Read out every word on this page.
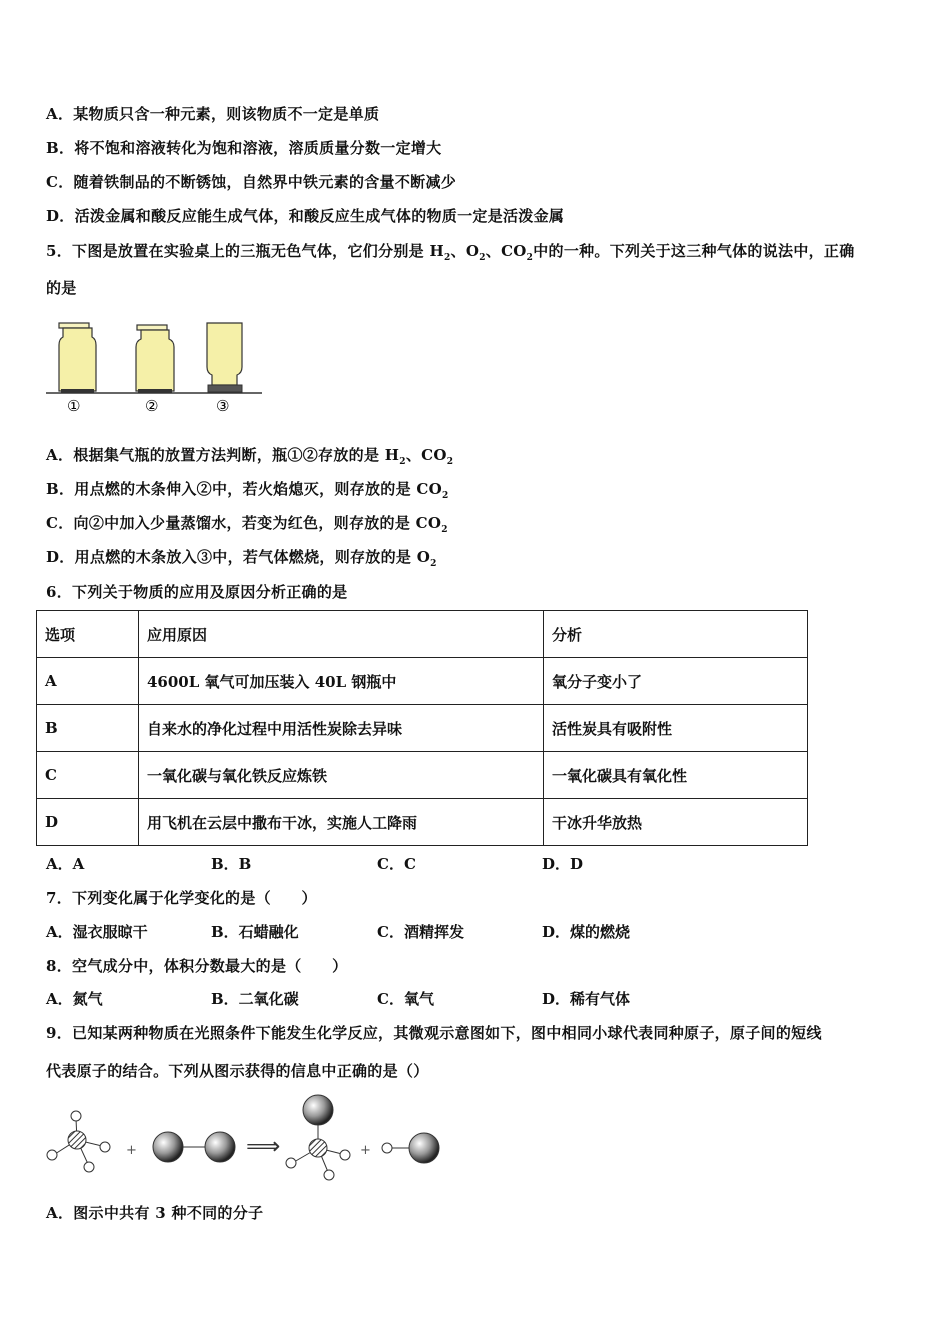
A．某物质只含一种元素，则该物质不一定是单质
B．将不饱和溶液转化为饱和溶液，溶质质量分数一定增大
C．随着铁制品的不断锈蚀，自然界中铁元素的含量不断减少
D．活泼金属和酸反应能生成气体，和酸反应生成气体的物质一定是活泼金属
5．下图是放置在实验桌上的三瓶无色气体，它们分别是 $H_2$、$O_2$、$CO_2$中的一种。下列关于这三种气体的说法中，正确
的是
①	②	③
A．根据集气瓶的放置方法判断，瓶①②存放的是 $H_2$、$CO_2$
B．用点燃的木条伸入②中，若火焰熄灭，则存放的是 $CO_2$
C．向②中加入少量蒸馏水，若变为红色，则存放的是 $CO_2$
D．用点燃的木条放入③中，若气体燃烧，则存放的是 $O_2$
6．下列关于物质的应用及原因分析正确的是
选项	应用原因	分析
A	4600L 氧气可加压装入 40L 钢瓶中	氧分子变小了
B	自来水的净化过程中用活性炭除去异味	活性炭具有吸附性
C	一氧化碳与氧化铁反应炼铁	一氧化碳具有氧化性
D	用飞机在云层中撒布干冰，实施人工降雨	干冰升华放热
A．A	B．B	C．C	D．D
7．下列变化属于化学变化的是（　　）
A．湿衣服晾干	B．石蜡融化	C．酒精挥发	D．煤的燃烧
8．空气成分中，体积分数最大的是（　　）
A．氮气	B．二氧化碳	C．氧气	D．稀有气体
9．已知某两种物质在光照条件下能发生化学反应，其微观示意图如下，图中相同小球代表同种原子，原子间的短线
代表原子的结合。下列从图示获得的信息中正确的是（）
+	⟹	+
A．图示中共有 3 种不同的分子
